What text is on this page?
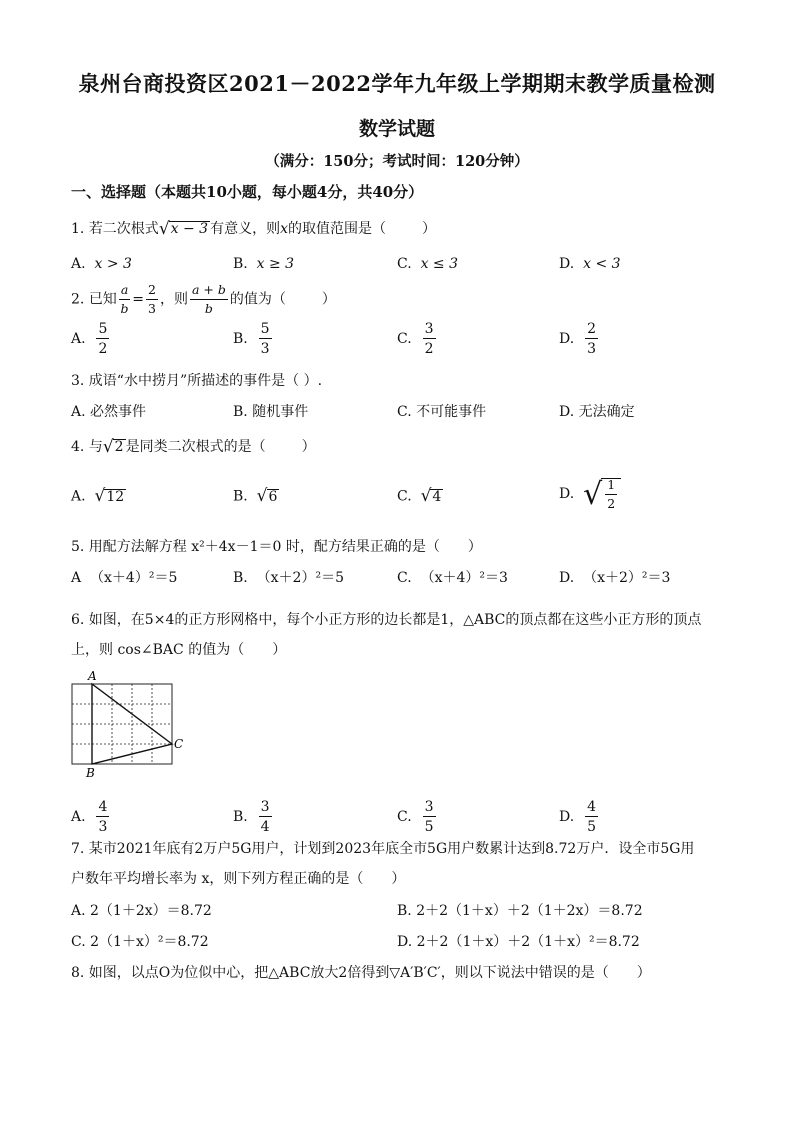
泉州台商投资区2021－2022学年九年级上学期期末教学质量检测
数学试题
（满分：150分；考试时间：120分钟）
一、选择题（本题共10小题，每小题4分，共40分）
1. 若二次根式 √ x − 3 有意义，则x的取值范围是（	）
A. x > 3	B. x ≥ 3	C. x ≤ 3	D. x < 3
2. 已知 $\frac{a}{b} = \frac{2}{3}$ ，则 $\frac{a + b}{b}$ 的值为（	）
A. $\frac{5}{2}$	B. $\frac{5}{3}$	C. $\frac{3}{2}$	D. $\frac{2}{3}$
3. 成语“水中捞月”所描述的事件是（ ）.
A. 必然事件	B. 随机事件	C. 不可能事件	D. 无法确定
4. 与 √ 2 是同类二次根式的是（	）
A. √ 12	B. √ 6	C. √ 4	D. √ $\frac{1}{2}$
5. 用配方法解方程 x²＋4x－1＝0 时，配方结果正确的是（　　）
A （x＋4）²＝5	B. （x＋2）²＝5	C. （x＋4）²＝3	D. （x＋2）²＝3
6. 如图，在5×4的正方形网格中，每个小正方形的边长都是1，△ABC的顶点都在这些小正方形的顶点
上，则 cos∠BAC 的值为（　　）
A
B
C
A. $\frac{4}{3}$	B. $\frac{3}{4}$	C. $\frac{3}{5}$	D. $\frac{4}{5}$
7. 某市2021年底有2万户5G用户，计划到2023年底全市5G用户数累计达到8.72万户．设全市5G用
户数年平均增长率为 x，则下列方程正确的是（　　）
A. 2（1＋2x）＝8.72	B. 2＋2（1＋x）＋2（1＋2x）＝8.72
C. 2（1＋x）²＝8.72	D. 2＋2（1＋x）＋2（1＋x）²＝8.72
8. 如图，以点O为位似中心，把△ABC放大2倍得到▽A′B′C′，则以下说法中错误的是（　　）
